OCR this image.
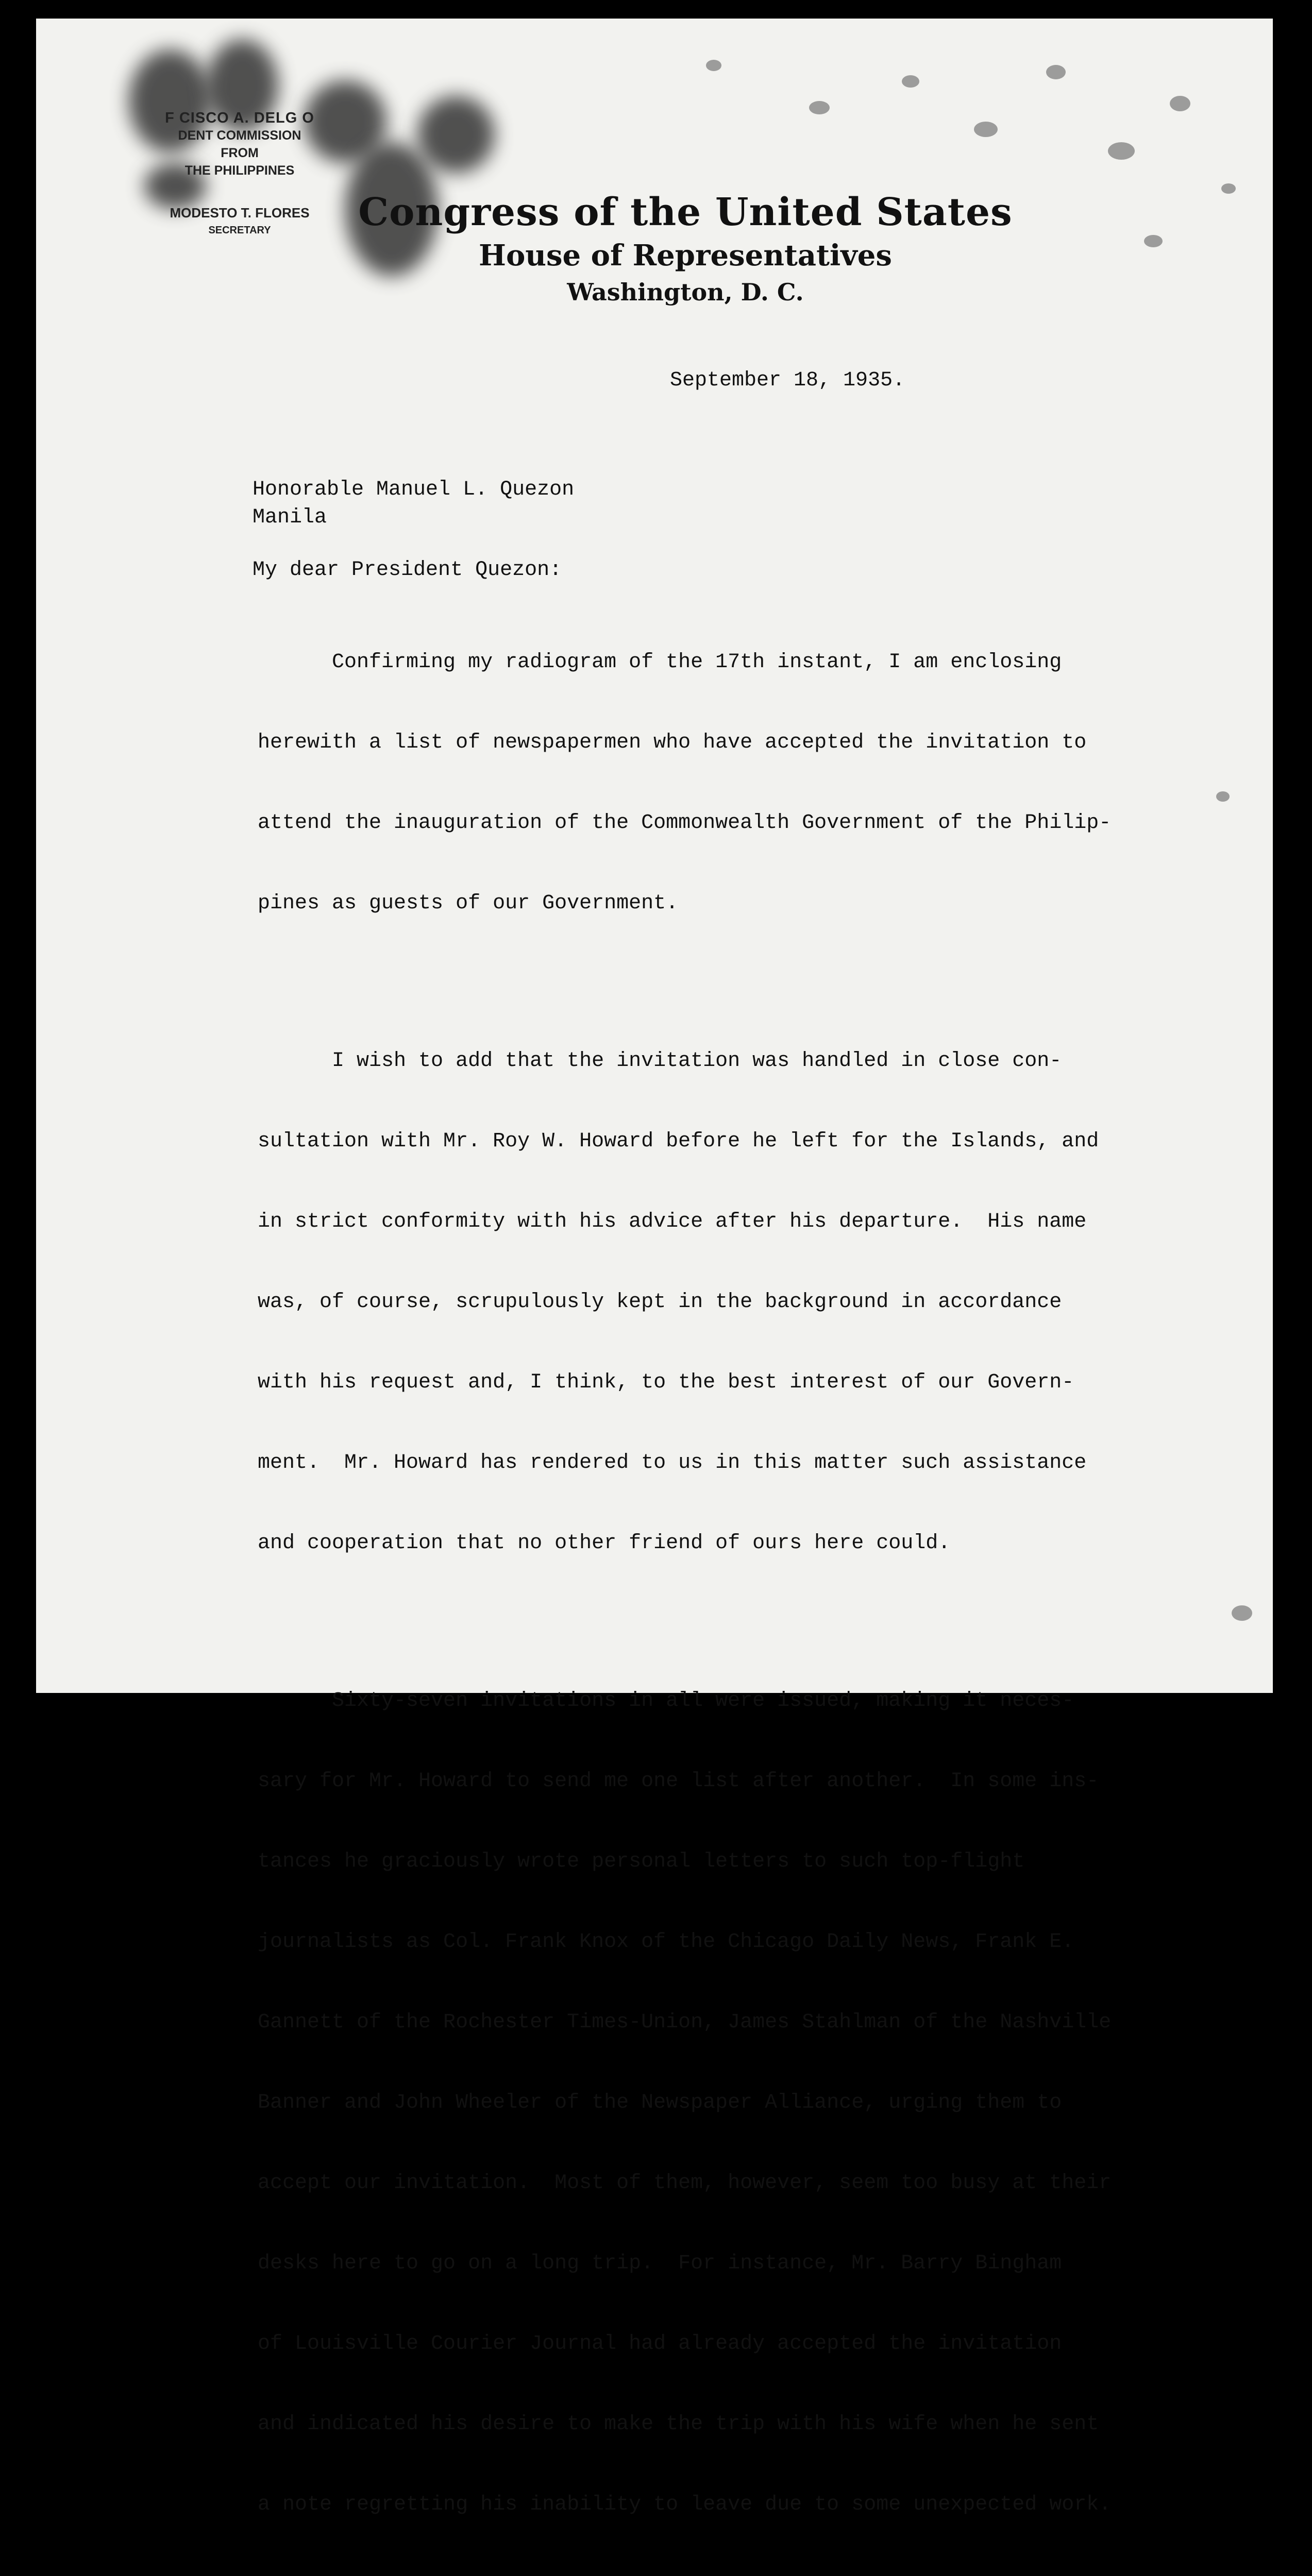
F CISCO A. DELG O
DENT COMMISSION
FROM
THE PHILIPPINES
MODESTO T. FLORES
SECRETARY	Congress of the United States
House of Representatives
Washington, D. C.
September 18, 1935.
Honorable Manuel L. Quezon
Manila
My dear President Quezon:

Confirming my radiogram of the 17th instant, I am enclosing

herewith a list of newspapermen who have accepted the invitation to

attend the inauguration of the Commonwealth Government of the Philip-

pines as guests of our Government.

I wish to add that the invitation was handled in close con-

sultation with Mr. Roy W. Howard before he left for the Islands, and

in strict conformity with his advice after his departure.  His name

was, of course, scrupulously kept in the background in accordance

with his request and, I think, to the best interest of our Govern-

ment.  Mr. Howard has rendered to us in this matter such assistance

and cooperation that no other friend of ours here could.

Sixty-seven invitations in all were issued, making it neces-

sary for Mr. Howard to send me one list after another.  In some ins-

tances he graciously wrote personal letters to such top-flight

journalists as Col. Frank Knox of the Chicago Daily News, Frank E.

Gannett of the Rochester Times-Union, James Stahlman of the Nashville

Banner and John Wheeler of the Newspaper Alliance, urging them to

accept our invitation.  Most of them, however, seem too busy at their

desks here to go on a long trip.  For instance, Mr. Barry Bingham

of Louisville Courier Journal had already accepted the invitation

and indicated his desire to make the trip with his wife when he sent

a note regretting his inability to leave due to some unexpected work.
